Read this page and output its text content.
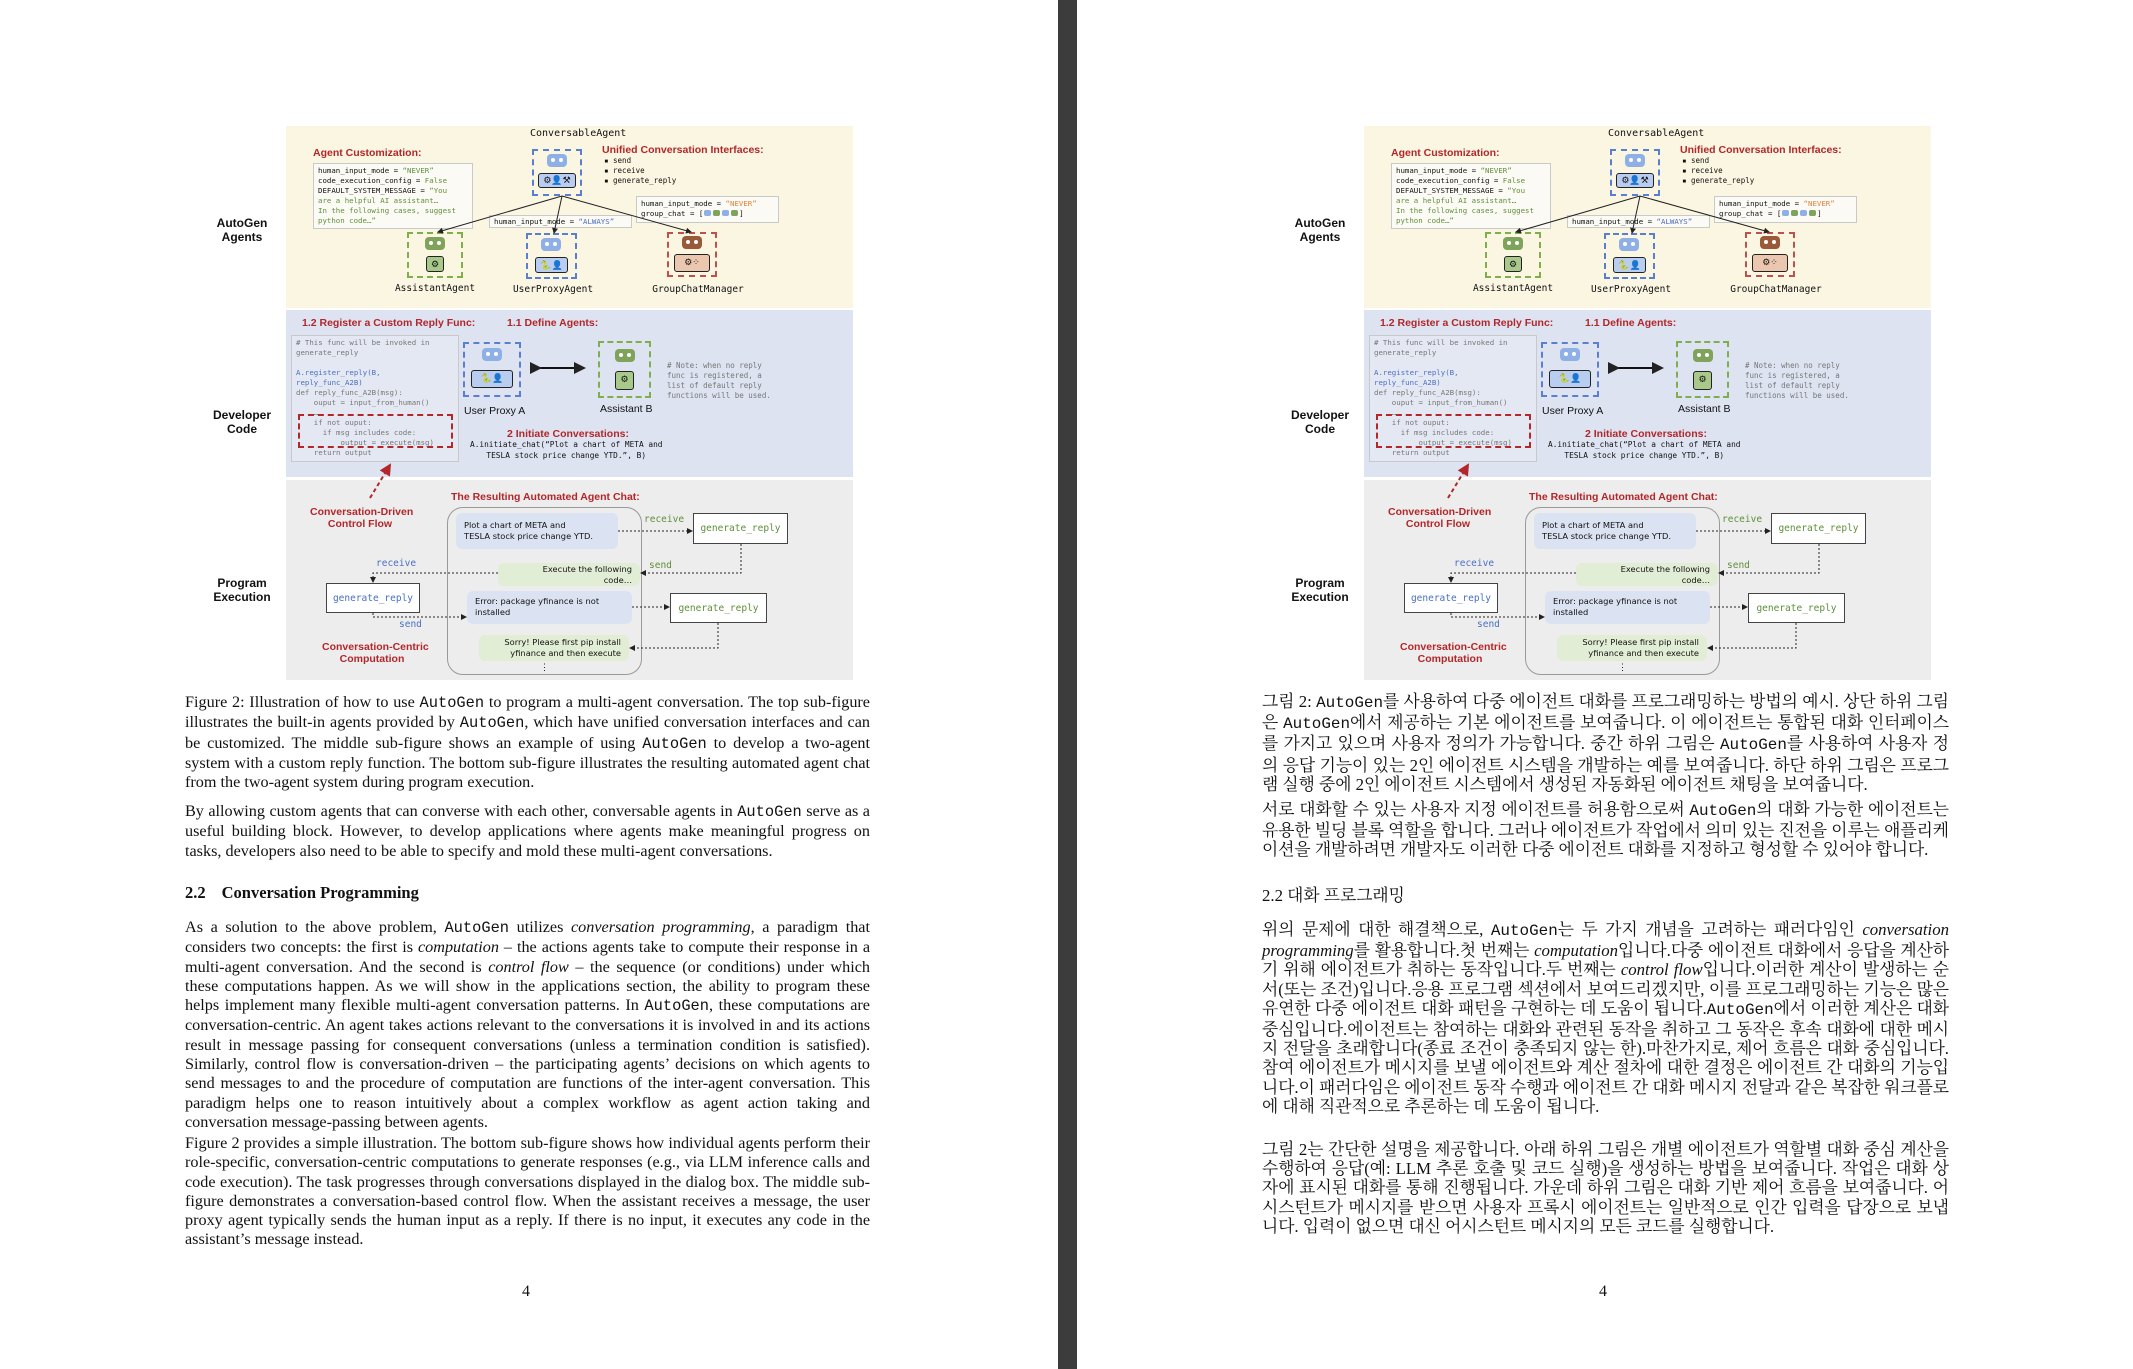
AutoGen Agents
Developer Code
Program Execution
ConversableAgent
Agent Customization:
human_input_mode = “NEVER”
code_execution_config = False
DEFAULT_SYSTEM_MESSAGE = “You
are a helpful AI assistant…
In the following cases, suggest
python code…”
⚙👤⚒
Unified Conversation Interfaces:
▪ send
▪ receive
▪ generate_reply
human_input_mode = “ALWAYS”
human_input_mode = “NEVER”
group_chat = [	]
⚙
AssistantAgent
🐍👤
UserProxyAgent
⚙⁘
GroupChatManager
1.2 Register a Custom Reply Func:	1.1 Define Agents:
# This func will be invoked in
generate_reply

A.register_reply(B,
reply_func_A2B)
def reply_func_A2B(msg):
ouput = input_from_human()
…
if not ouput:
if msg includes code:
output = execute(msg)
return output
🐍👤
User Proxy A
⚙
Assistant B
# Note: when no reply
func is registered, a
list of default reply
functions will be used.
2 Initiate Conversations:
A.initiate_chat(“Plot a chart of META and
TESLA stock price change YTD.”, B)
Conversation-Driven
Control Flow
The Resulting Automated Agent Chat:
Plot a chart of META and
TESLA stock price change YTD.
Execute the following
code…
Error: package yfinance is not
installed
Sorry! Please first pip install
yfinance and then execute
⋮
generate_reply
generate_reply
generate_reply
receive
send
receive
send
Conversation-Centric
Computation
Figure 2: Illustration of how to use AutoGen to program a multi-agent conversation. The top sub-figure illustrates the built-in agents provided by AutoGen, which have unified conversation interfaces and can be customized. The middle sub-figure shows an example of using AutoGen to develop a two-agent system with a custom reply function. The bottom sub-figure illustrates the resulting automated agent chat from the two-agent system during program execution.
By allowing custom agents that can converse with each other, conversable agents in AutoGen serve as a useful building block. However, to develop applications where agents make meaningful progress on tasks, developers also need to be able to specify and mold these multi-agent conversations.
2.2 Conversation Programming
As a solution to the above problem, AutoGen utilizes conversation programming, a paradigm that considers two concepts: the first is computation – the actions agents take to compute their response in a multi-agent conversation. And the second is control flow – the sequence (or conditions) under which these computations happen. As we will show in the applications section, the ability to program these helps implement many flexible multi-agent conversation patterns. In AutoGen, these computations are conversation-centric. An agent takes actions relevant to the conversations it is involved in and its actions result in message passing for consequent conversations (unless a termination condition is satisfied). Similarly, control flow is conversation-driven – the participating agents’ decisions on which agents to send messages to and the procedure of computation are functions of the inter-agent conversation. This paradigm helps one to reason intuitively about a complex workflow as agent action taking and conversation message-passing between agents.
Figure 2 provides a simple illustration. The bottom sub-figure shows how individual agents perform their role-specific, conversation-centric computations to generate responses (e.g., via LLM inference calls and code execution). The task progresses through conversations displayed in the dialog box. The middle sub-figure demonstrates a conversation-based control flow. When the assistant receives a message, the user proxy agent typically sends the human input as a reply. If there is no input, it executes any code in the assistant’s message instead.
4
AutoGen Agents
Developer Code
Program Execution
ConversableAgent
Agent Customization:
human_input_mode = “NEVER”
code_execution_config = False
DEFAULT_SYSTEM_MESSAGE = “You
are a helpful AI assistant…
In the following cases, suggest
python code…”
⚙👤⚒
Unified Conversation Interfaces:
▪ send
▪ receive
▪ generate_reply
human_input_mode = “ALWAYS”
human_input_mode = “NEVER”
group_chat = [	]
⚙
AssistantAgent
🐍👤
UserProxyAgent
⚙⁘
GroupChatManager
1.2 Register a Custom Reply Func:	1.1 Define Agents:
# This func will be invoked in
generate_reply

A.register_reply(B,
reply_func_A2B)
def reply_func_A2B(msg):
ouput = input_from_human()
…
if not ouput:
if msg includes code:
output = execute(msg)
return output
🐍👤
User Proxy A
⚙
Assistant B
# Note: when no reply
func is registered, a
list of default reply
functions will be used.
2 Initiate Conversations:
A.initiate_chat(“Plot a chart of META and
TESLA stock price change YTD.”, B)
Conversation-Driven
Control Flow
The Resulting Automated Agent Chat:
Plot a chart of META and
TESLA stock price change YTD.
Execute the following
code…
Error: package yfinance is not
installed
Sorry! Please first pip install
yfinance and then execute
⋮
generate_reply
generate_reply
generate_reply
receive
send
receive
send
Conversation-Centric
Computation
그림 2: AutoGen를 사용하여 다중 에이전트 대화를 프로그래밍하는 방법의 예시. 상단 하위 그림은 AutoGen에서 제공하는 기본 에이전트를 보여줍니다. 이 에이전트는 통합된 대화 인터페이스를 가지고 있으며 사용자 정의가 가능합니다. 중간 하위 그림은 AutoGen를 사용하여 사용자 정의 응답 기능이 있는 2인 에이전트 시스템을 개발하는 예를 보여줍니다. 하단 하위 그림은 프로그램 실행 중에 2인 에이전트 시스템에서 생성된 자동화된 에이전트 채팅을 보여줍니다.
서로 대화할 수 있는 사용자 지정 에이전트를 허용함으로써 AutoGen의 대화 가능한 에이전트는 유용한 빌딩 블록 역할을 합니다. 그러나 에이전트가 작업에서 의미 있는 진전을 이루는 애플리케이션을 개발하려면 개발자도 이러한 다중 에이전트 대화를 지정하고 형성할 수 있어야 합니다.
2.2 대화 프로그래밍
위의 문제에 대한 해결책으로, AutoGen는 두 가지 개념을 고려하는 패러다임인 conversation programming를 활용합니다.첫 번째는 computation입니다.다중 에이전트 대화에서 응답을 계산하기 위해 에이전트가 취하는 동작입니다.두 번째는 control flow입니다.이러한 계산이 발생하는 순서(또는 조건)입니다.응용 프로그램 섹션에서 보여드리겠지만, 이를 프로그래밍하는 기능은 많은 유연한 다중 에이전트 대화 패턴을 구현하는 데 도움이 됩니다.AutoGen에서 이러한 계산은 대화 중심입니다.에이전트는 참여하는 대화와 관련된 동작을 취하고 그 동작은 후속 대화에 대한 메시지 전달을 초래합니다(종료 조건이 충족되지 않는 한).마찬가지로, 제어 흐름은 대화 중심입니다.참여 에이전트가 메시지를 보낼 에이전트와 계산 절차에 대한 결정은 에이전트 간 대화의 기능입니다.이 패러다임은 에이전트 동작 수행과 에이전트 간 대화 메시지 전달과 같은 복잡한 워크플로에 대해 직관적으로 추론하는 데 도움이 됩니다.
그림 2는 간단한 설명을 제공합니다. 아래 하위 그림은 개별 에이전트가 역할별 대화 중심 계산을 수행하여 응답(예: LLM 추론 호출 및 코드 실행)을 생성하는 방법을 보여줍니다. 작업은 대화 상자에 표시된 대화를 통해 진행됩니다. 가운데 하위 그림은 대화 기반 제어 흐름을 보여줍니다. 어시스턴트가 메시지를 받으면 사용자 프록시 에이전트는 일반적으로 인간 입력을 답장으로 보냅니다. 입력이 없으면 대신 어시스턴트 메시지의 모든 코드를 실행합니다.
4
